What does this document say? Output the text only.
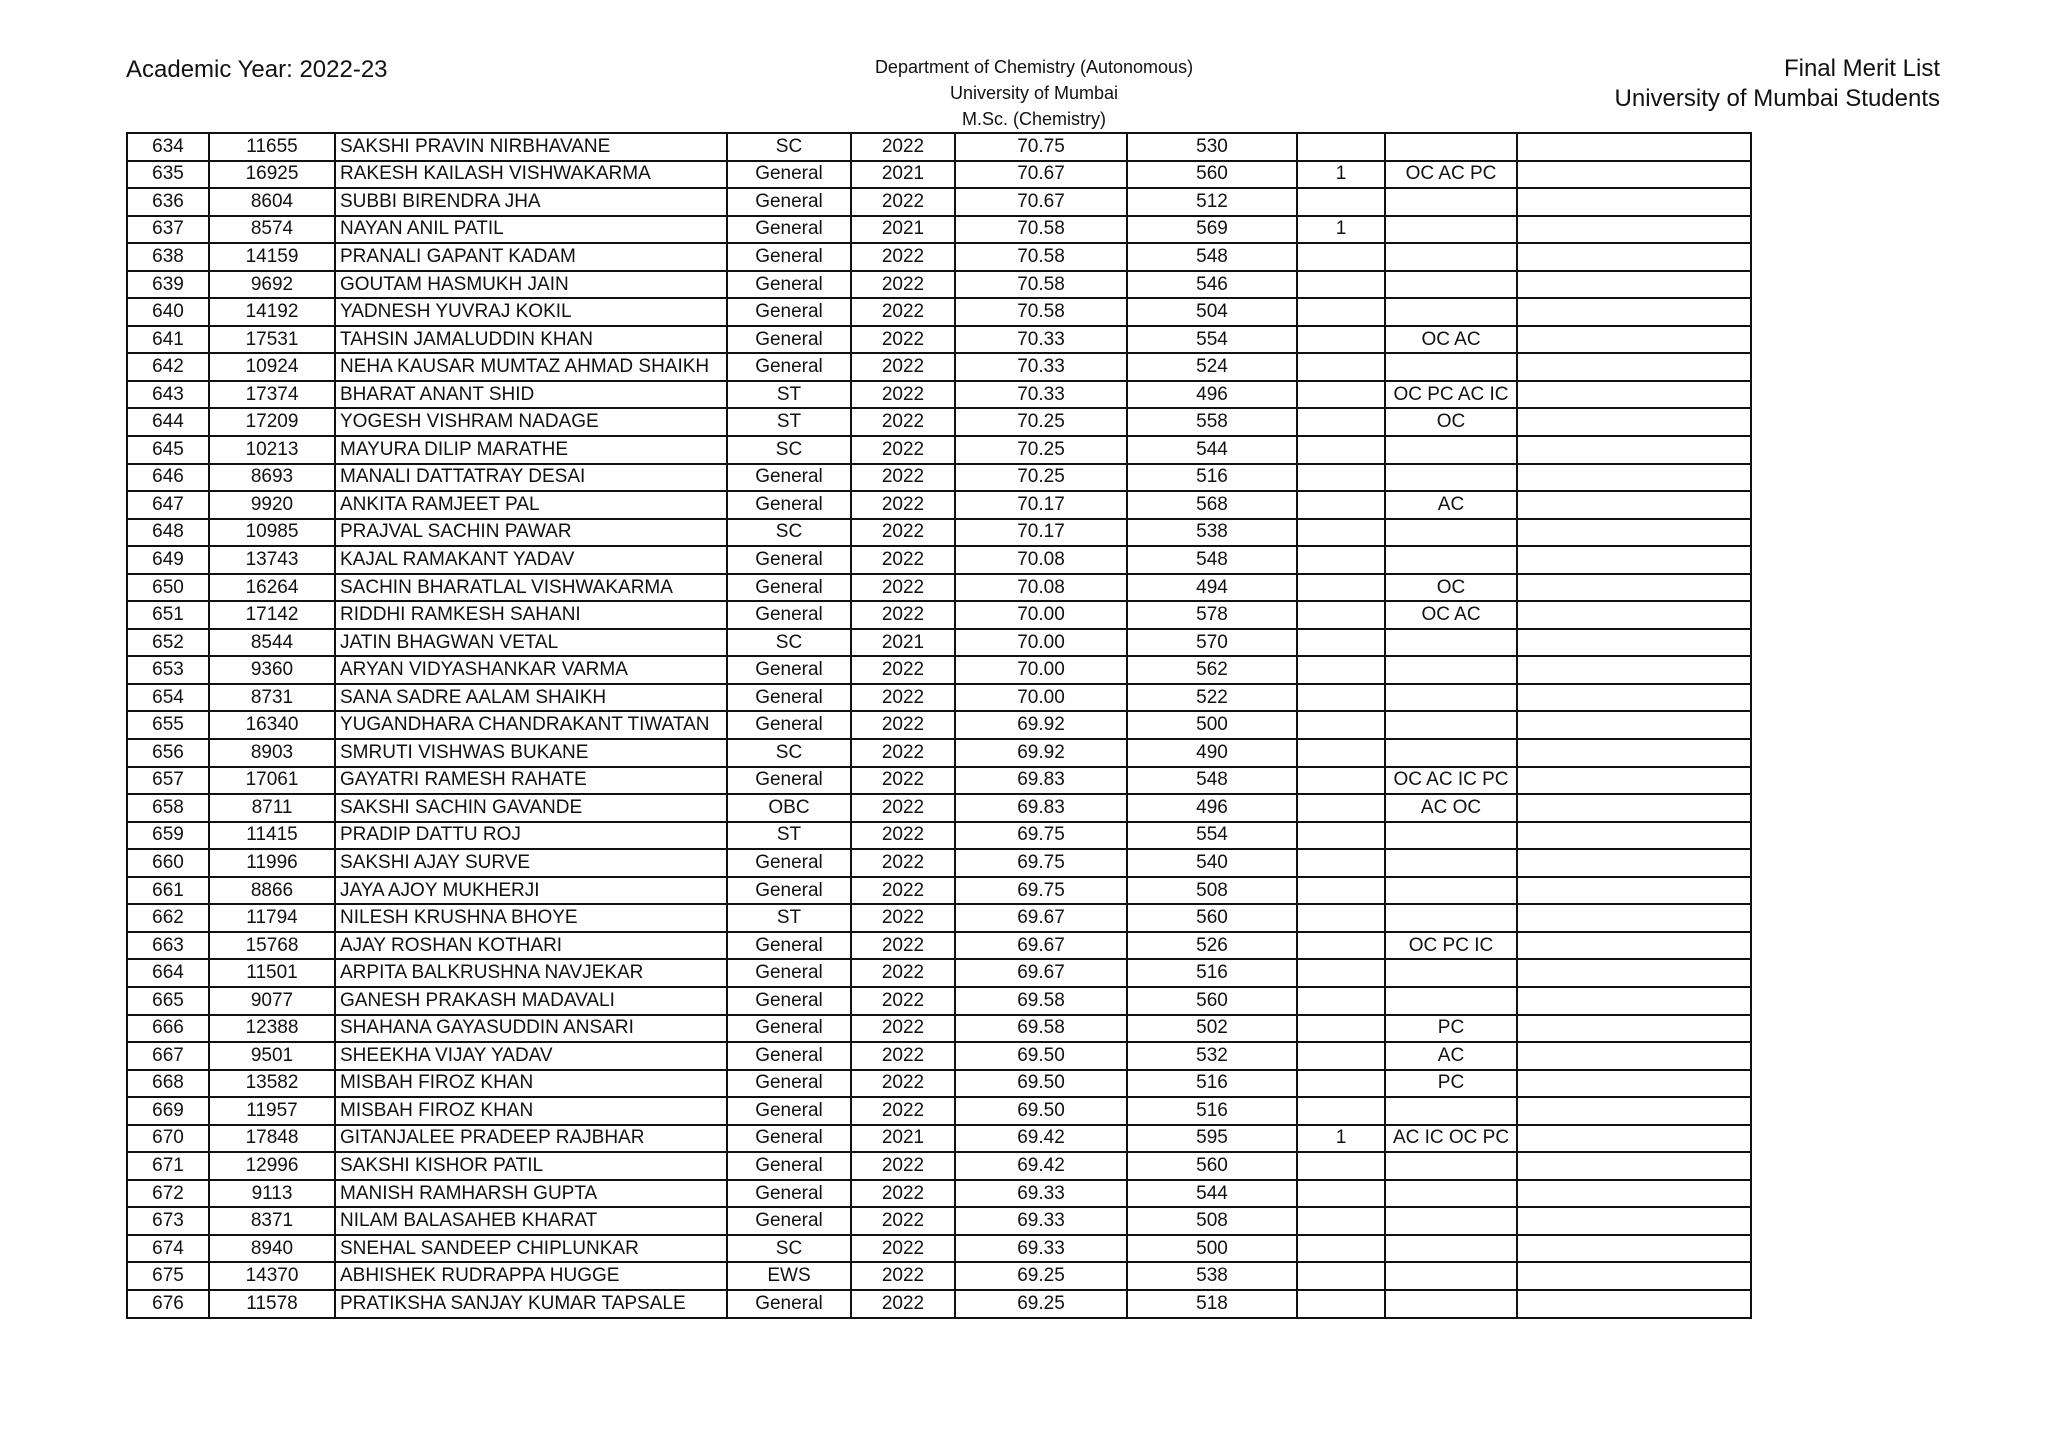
Academic Year: 2022-23	Department of Chemistry (Autonomous)
University of Mumbai
M.Sc. (Chemistry)
Final Merit List
University of Mumbai Students
634	11655	SAKSHI PRAVIN NIRBHAVANE	SC	2022	70.75	530			
635	16925	RAKESH KAILASH VISHWAKARMA	General	2021	70.67	560	1	OC AC PC	
636	8604	SUBBI BIRENDRA JHA	General	2022	70.67	512			
637	8574	NAYAN ANIL PATIL	General	2021	70.58	569	1		
638	14159	PRANALI GAPANT KADAM	General	2022	70.58	548			
639	9692	GOUTAM HASMUKH JAIN	General	2022	70.58	546			
640	14192	YADNESH YUVRAJ KOKIL	General	2022	70.58	504			
641	17531	TAHSIN JAMALUDDIN KHAN	General	2022	70.33	554		OC AC	
642	10924	NEHA KAUSAR MUMTAZ AHMAD SHAIKH	General	2022	70.33	524			
643	17374	BHARAT ANANT SHID	ST	2022	70.33	496		OC PC AC IC	
644	17209	YOGESH VISHRAM NADAGE	ST	2022	70.25	558		OC	
645	10213	MAYURA DILIP MARATHE	SC	2022	70.25	544			
646	8693	MANALI DATTATRAY DESAI	General	2022	70.25	516			
647	9920	ANKITA RAMJEET PAL	General	2022	70.17	568		AC	
648	10985	PRAJVAL SACHIN PAWAR	SC	2022	70.17	538			
649	13743	KAJAL RAMAKANT YADAV	General	2022	70.08	548			
650	16264	SACHIN BHARATLAL VISHWAKARMA	General	2022	70.08	494		OC	
651	17142	RIDDHI RAMKESH SAHANI	General	2022	70.00	578		OC AC	
652	8544	JATIN BHAGWAN VETAL	SC	2021	70.00	570			
653	9360	ARYAN VIDYASHANKAR VARMA	General	2022	70.00	562			
654	8731	SANA SADRE AALAM SHAIKH	General	2022	70.00	522			
655	16340	YUGANDHARA CHANDRAKANT TIWATAN	General	2022	69.92	500			
656	8903	SMRUTI VISHWAS BUKANE	SC	2022	69.92	490			
657	17061	GAYATRI RAMESH RAHATE	General	2022	69.83	548		OC AC IC PC	
658	8711	SAKSHI SACHIN GAVANDE	OBC	2022	69.83	496		AC OC	
659	11415	PRADIP DATTU ROJ	ST	2022	69.75	554			
660	11996	SAKSHI AJAY SURVE	General	2022	69.75	540			
661	8866	JAYA AJOY MUKHERJI	General	2022	69.75	508			
662	11794	NILESH KRUSHNA BHOYE	ST	2022	69.67	560			
663	15768	AJAY ROSHAN KOTHARI	General	2022	69.67	526		OC PC IC	
664	11501	ARPITA BALKRUSHNA NAVJEKAR	General	2022	69.67	516			
665	9077	GANESH PRAKASH MADAVALI	General	2022	69.58	560			
666	12388	SHAHANA GAYASUDDIN ANSARI	General	2022	69.58	502		PC	
667	9501	SHEEKHA VIJAY YADAV	General	2022	69.50	532		AC	
668	13582	MISBAH FIROZ KHAN	General	2022	69.50	516		PC	
669	11957	MISBAH FIROZ KHAN	General	2022	69.50	516			
670	17848	GITANJALEE PRADEEP RAJBHAR	General	2021	69.42	595	1	AC IC OC PC	
671	12996	SAKSHI KISHOR PATIL	General	2022	69.42	560			
672	9113	MANISH RAMHARSH GUPTA	General	2022	69.33	544			
673	8371	NILAM BALASAHEB KHARAT	General	2022	69.33	508			
674	8940	SNEHAL SANDEEP CHIPLUNKAR	SC	2022	69.33	500			
675	14370	ABHISHEK RUDRAPPA HUGGE	EWS	2022	69.25	538			
676	11578	PRATIKSHA SANJAY KUMAR TAPSALE	General	2022	69.25	518			
